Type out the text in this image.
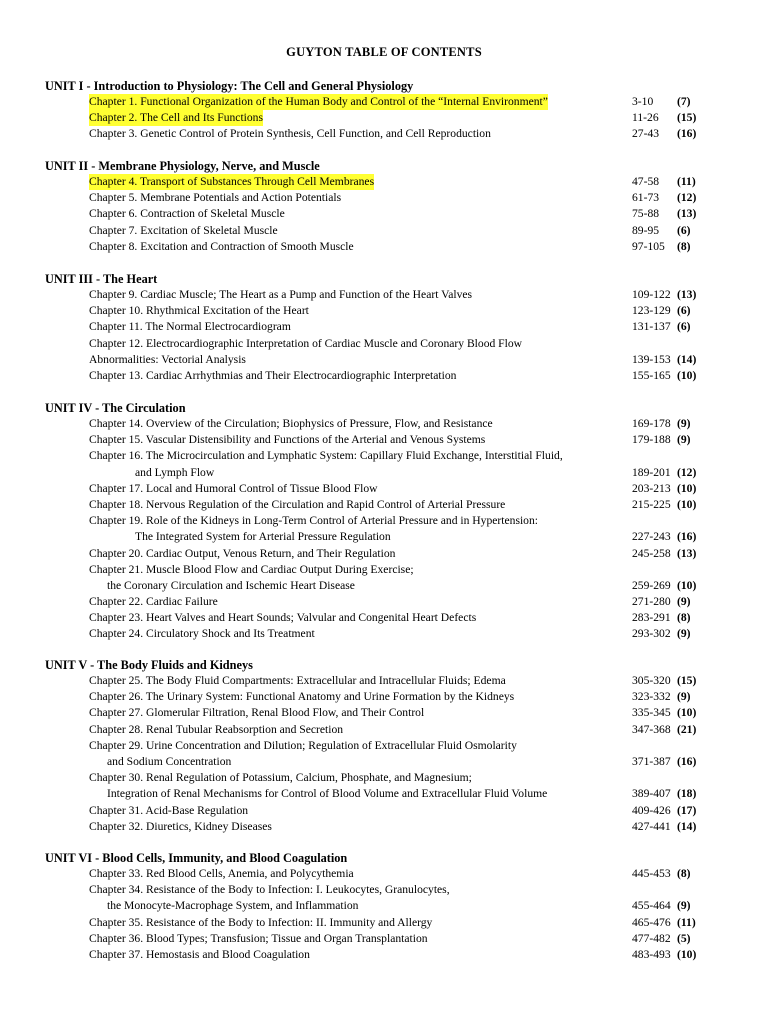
GUYTON TABLE OF CONTENTS
UNIT I - Introduction to Physiology: The Cell and General Physiology
Chapter 1. Functional Organization of the Human Body and Control of the “Internal Environment”	3-10	(7)
Chapter 2. The Cell and Its Functions	11-26	(15)
Chapter 3. Genetic Control of Protein Synthesis, Cell Function, and Cell Reproduction	27-43	(16)
UNIT II - Membrane Physiology, Nerve, and Muscle
Chapter 4. Transport of Substances Through Cell Membranes	47-58	(11)
Chapter 5. Membrane Potentials and Action Potentials	61-73	(12)
Chapter 6. Contraction of Skeletal Muscle	75-88	(13)
Chapter 7. Excitation of Skeletal Muscle	89-95	(6)
Chapter 8. Excitation and Contraction of Smooth Muscle	97-105	(8)
UNIT III - The Heart
Chapter 9. Cardiac Muscle; The Heart as a Pump and Function of the Heart Valves	109-122 (13)
Chapter 10. Rhythmical Excitation of the Heart	123-129 (6)
Chapter 11. The Normal Electrocardiogram	131-137 (6)
Chapter 12. Electrocardiographic Interpretation of Cardiac Muscle and Coronary Blood Flow
Abnormalities: Vectorial Analysis	139-153 (14)
Chapter 13. Cardiac Arrhythmias and Their Electrocardiographic Interpretation	155-165 (10)
UNIT IV - The Circulation
Chapter 14. Overview of the Circulation; Biophysics of Pressure, Flow, and Resistance	169-178 (9)
Chapter 15. Vascular Distensibility and Functions of the Arterial and Venous Systems	179-188 (9)
Chapter 16. The Microcirculation and Lymphatic System: Capillary Fluid Exchange, Interstitial Fluid,
and Lymph Flow	189-201 (12)
Chapter 17. Local and Humoral Control of Tissue Blood Flow	203-213 (10)
Chapter 18. Nervous Regulation of the Circulation and Rapid Control of Arterial Pressure	215-225 (10)
Chapter 19. Role of the Kidneys in Long-Term Control of Arterial Pressure and in Hypertension:
The Integrated System for Arterial Pressure Regulation	227-243 (16)
Chapter 20. Cardiac Output, Venous Return, and Their Regulation	245-258 (13)
Chapter 21. Muscle Blood Flow and Cardiac Output During Exercise;
the Coronary Circulation and Ischemic Heart Disease	259-269 (10)
Chapter 22. Cardiac Failure	271-280 (9)
Chapter 23. Heart Valves and Heart Sounds; Valvular and Congenital Heart Defects	283-291 (8)
Chapter 24. Circulatory Shock and Its Treatment	293-302 (9)
UNIT V - The Body Fluids and Kidneys
Chapter 25. The Body Fluid Compartments: Extracellular and Intracellular Fluids; Edema	305-320 (15)
Chapter 26. The Urinary System: Functional Anatomy and Urine Formation by the Kidneys	323-332 (9)
Chapter 27. Glomerular Filtration, Renal Blood Flow, and Their Control	335-345 (10)
Chapter 28. Renal Tubular Reabsorption and Secretion	347-368 (21)
Chapter 29. Urine Concentration and Dilution; Regulation of Extracellular Fluid Osmolarity
and Sodium Concentration	371-387 (16)
Chapter 30. Renal Regulation of Potassium, Calcium, Phosphate, and Magnesium;
Integration of Renal Mechanisms for Control of Blood Volume and Extracellular Fluid Volume	389-407 (18)
Chapter 31. Acid-Base Regulation	409-426 (17)
Chapter 32. Diuretics, Kidney Diseases	427-441 (14)
UNIT VI - Blood Cells, Immunity, and Blood Coagulation
Chapter 33. Red Blood Cells, Anemia, and Polycythemia	445-453 (8)
Chapter 34. Resistance of the Body to Infection: I. Leukocytes, Granulocytes,
the Monocyte-Macrophage System, and Inflammation	455-464 (9)
Chapter 35. Resistance of the Body to Infection: II. Immunity and Allergy	465-476 (11)
Chapter 36. Blood Types; Transfusion; Tissue and Organ Transplantation	477-482 (5)
Chapter 37. Hemostasis and Blood Coagulation	483-493 (10)
